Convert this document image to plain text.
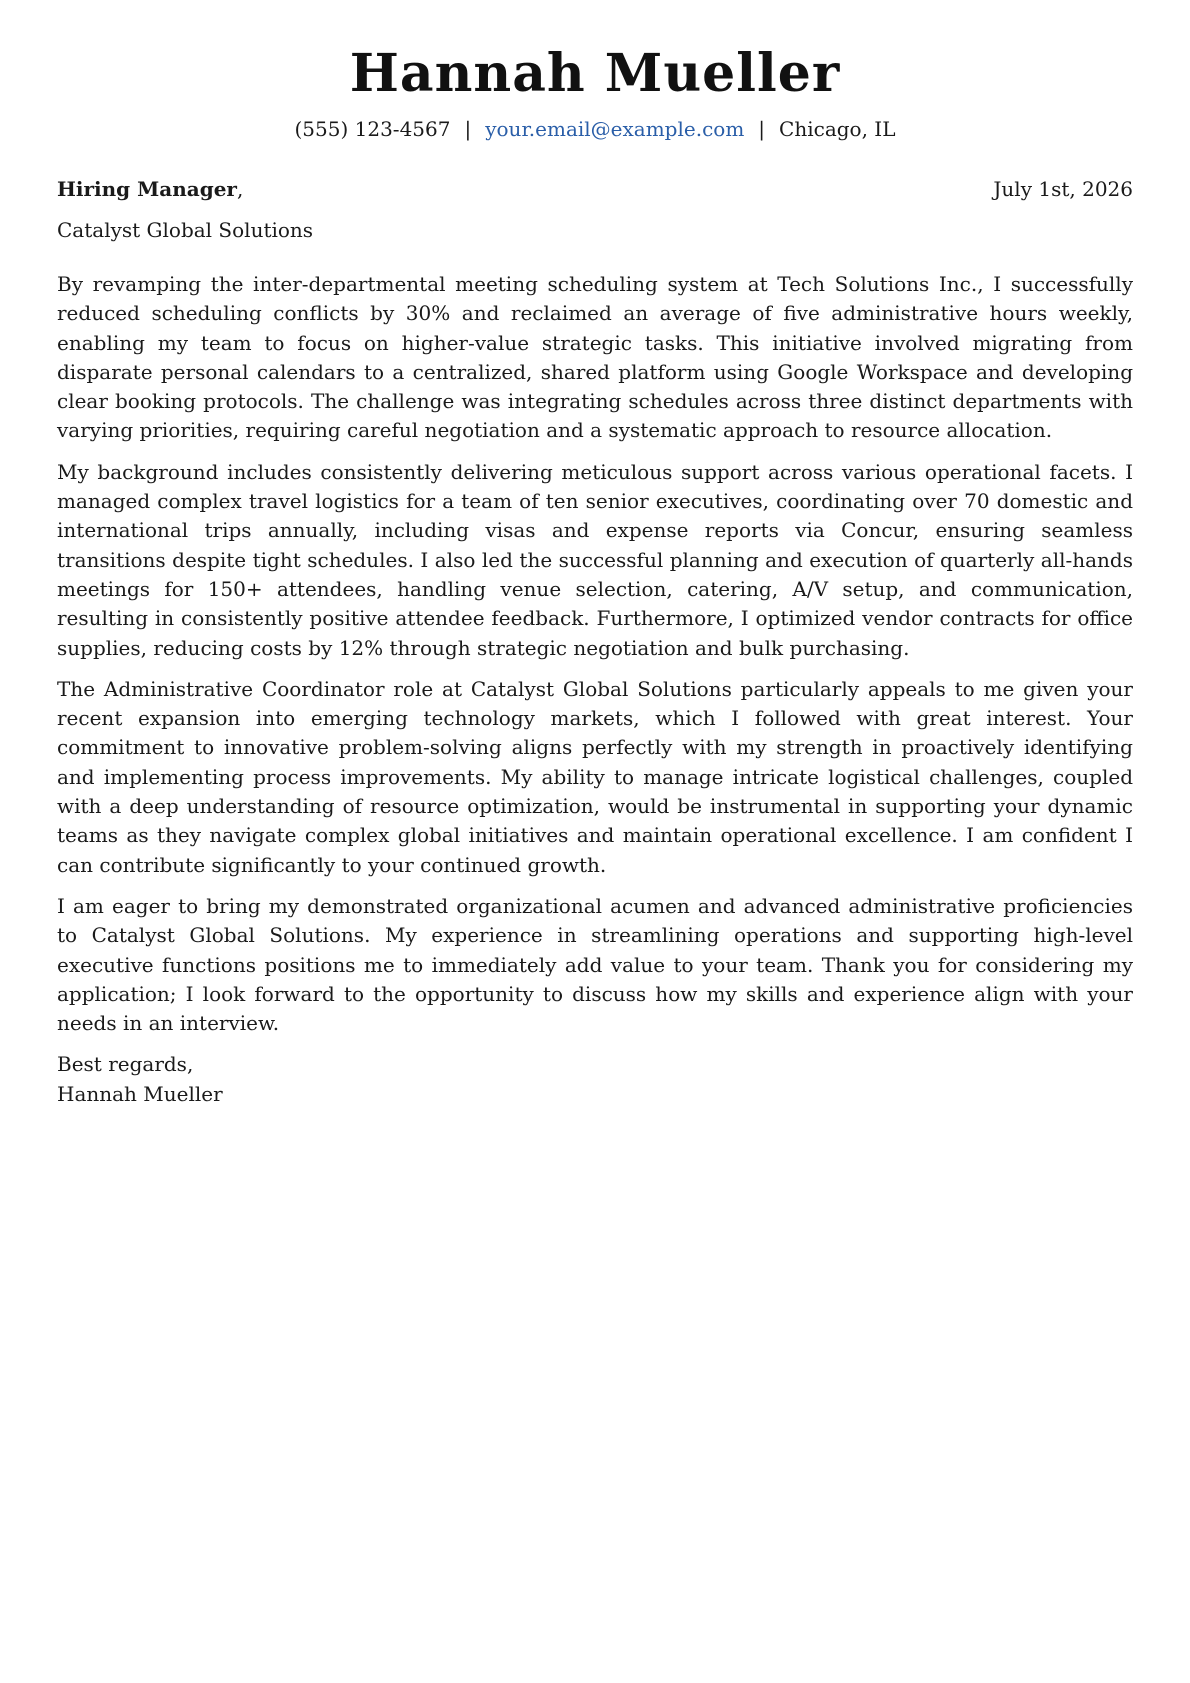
Hannah Mueller
(555) 123-4567 | your.email@example.com | Chicago, IL
Hiring Manager,	July 1st, 2026
Catalyst Global Solutions

By revamping the inter-departmental meeting scheduling system at Tech Solutions Inc., I successfully reduced scheduling conflicts by 30% and reclaimed an average of five administrative hours weekly, enabling my team to focus on higher-value strategic tasks. This initiative involved migrating from disparate personal calendars to a centralized, shared platform using Google Workspace and developing clear booking protocols. The challenge was integrating schedules across three distinct departments with varying priorities, requiring careful negotiation and a systematic approach to resource allocation.

My background includes consistently delivering meticulous support across various operational facets. I managed complex travel logistics for a team of ten senior executives, coordinating over 70 domestic and international trips annually, including visas and expense reports via Concur, ensuring seamless transitions despite tight schedules. I also led the successful planning and execution of quarterly all-hands meetings for 150+ attendees, handling venue selection, catering, A/V setup, and communication, resulting in consistently positive attendee feedback. Furthermore, I optimized vendor contracts for office supplies, reducing costs by 12% through strategic negotiation and bulk purchasing.

The Administrative Coordinator role at Catalyst Global Solutions particularly appeals to me given your recent expansion into emerging technology markets, which I followed with great interest. Your commitment to innovative problem-solving aligns perfectly with my strength in proactively identifying and implementing process improvements. My ability to manage intricate logistical challenges, coupled with a deep understanding of resource optimization, would be instrumental in supporting your dynamic teams as they navigate complex global initiatives and maintain operational excellence. I am confident I can contribute significantly to your continued growth.

I am eager to bring my demonstrated organizational acumen and advanced administrative proficiencies to Catalyst Global Solutions. My experience in streamlining operations and supporting high-level executive functions positions me to immediately add value to your team. Thank you for considering my application; I look forward to the opportunity to discuss how my skills and experience align with your needs in an interview.

Best regards,
Hannah Mueller
